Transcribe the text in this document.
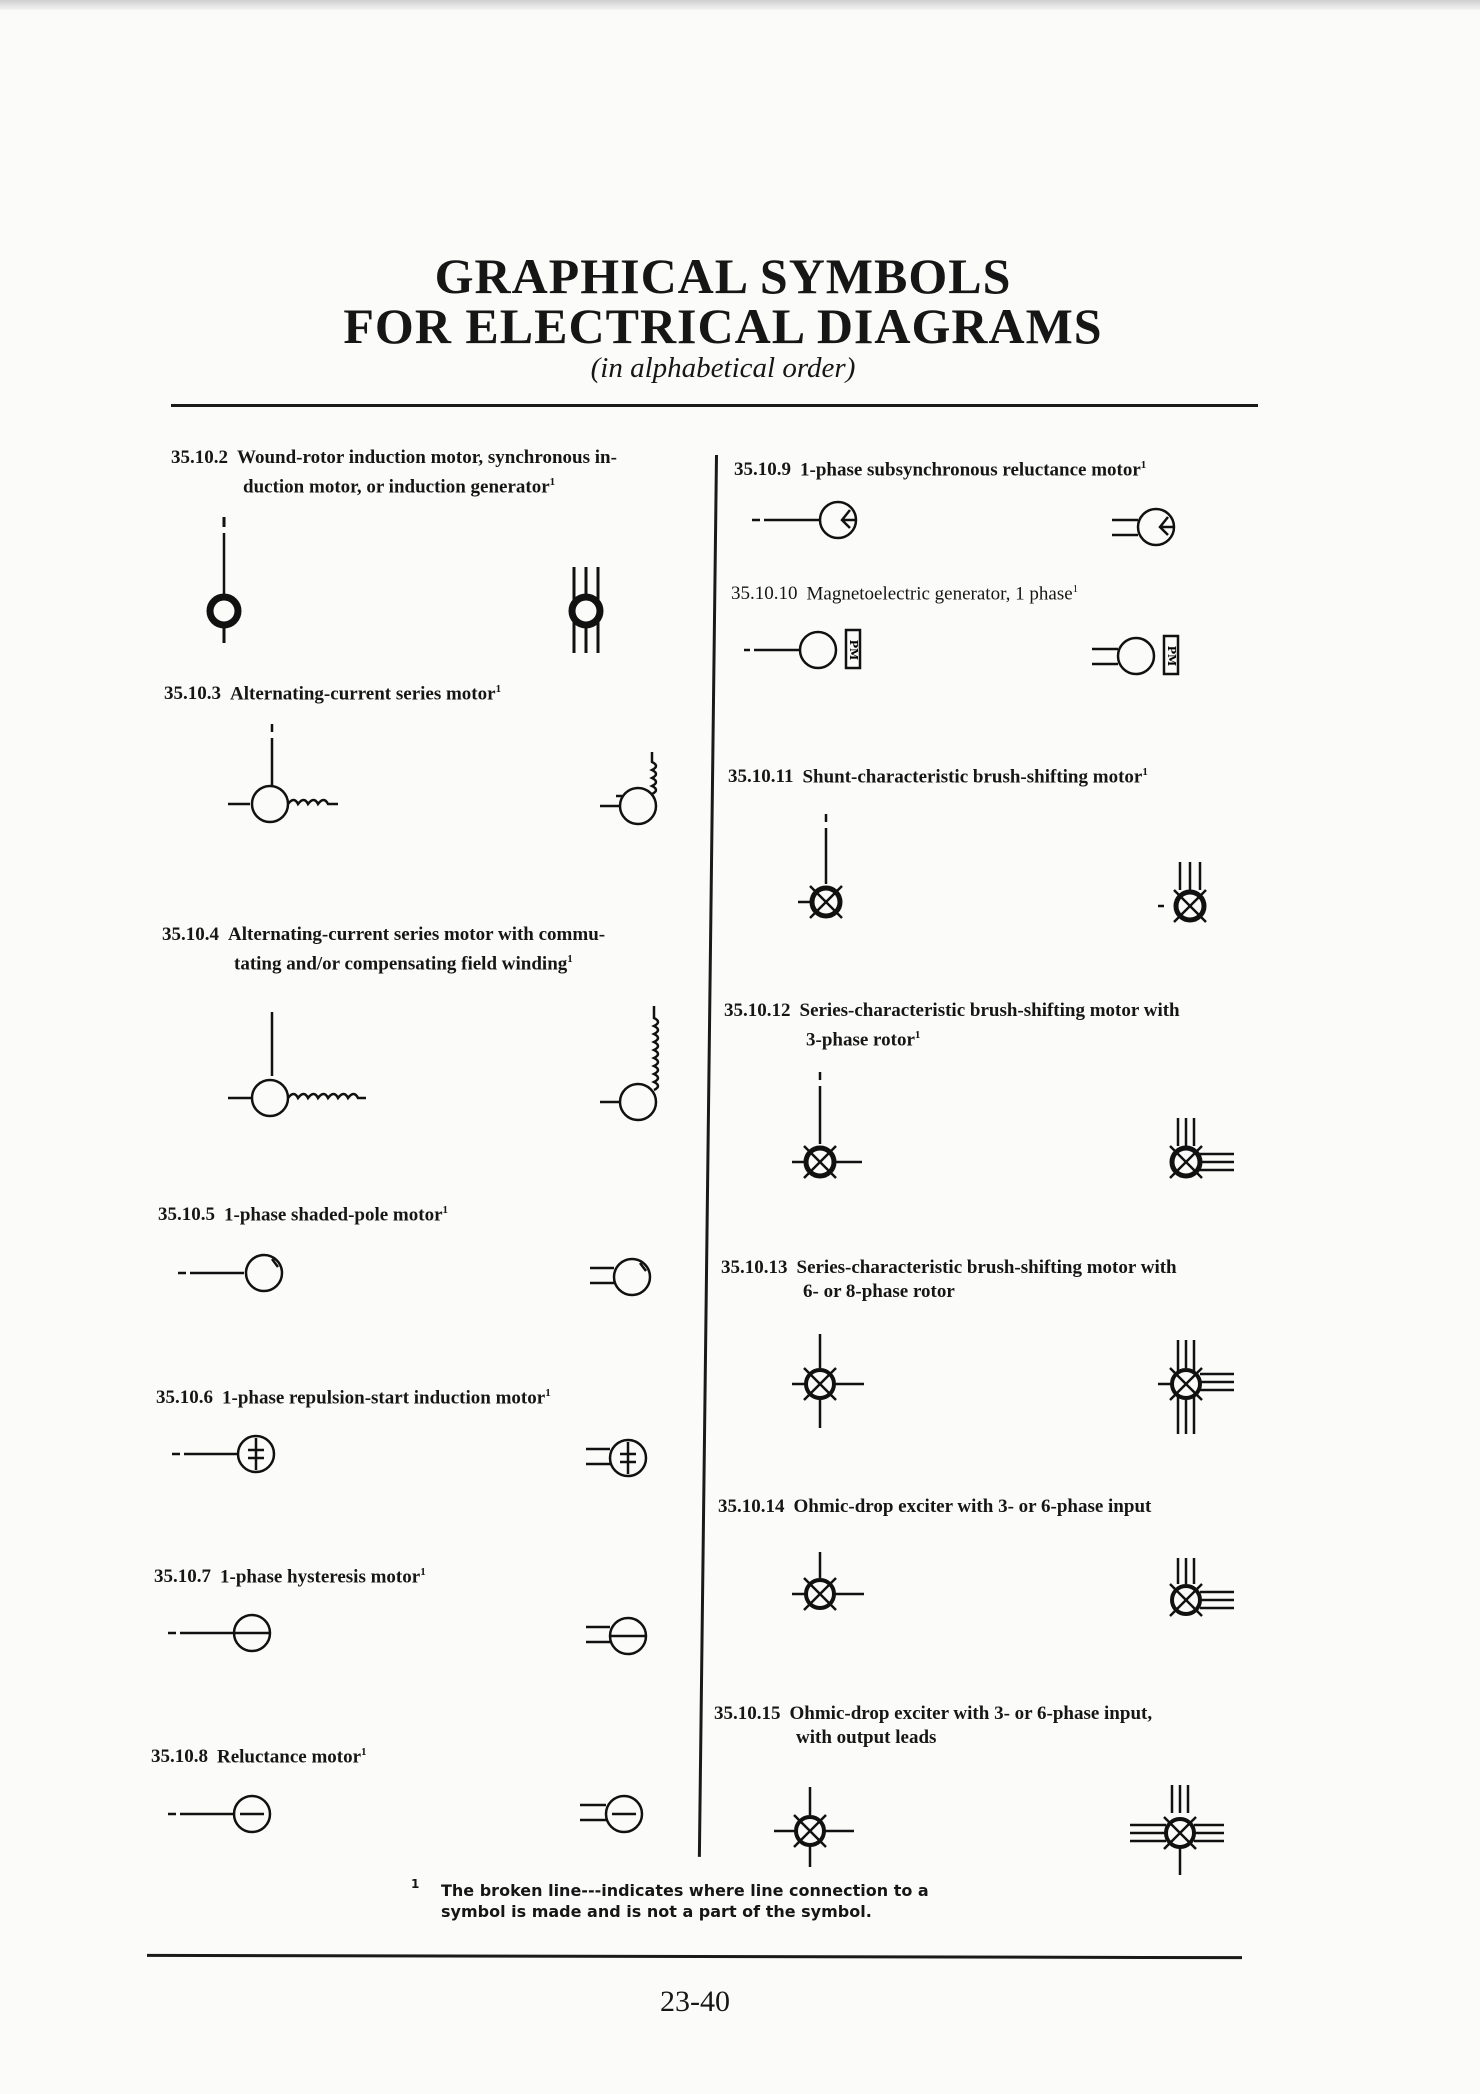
GRAPHICAL SYMBOLS
FOR ELECTRICAL DIAGRAMS
(in alphabetical order)
35.10.2 Wound-rotor induction motor, synchronous in-
duction motor, or induction generator$^1$
35.10.3 Alternating-current series motor$^1$
35.10.4 Alternating-current series motor with commu-
tating and/or compensating field winding$^1$
35.10.5 1-phase shaded-pole motor$^1$
35.10.6 1-phase repulsion-start induction motor$^1$
35.10.7 1-phase hysteresis motor$^1$
35.10.8 Reluctance motor$^1$
35.10.9 1-phase subsynchronous reluctance motor$^1$
35.10.10 Magnetoelectric generator, 1 phase$^1$
35.10.11 Shunt-characteristic brush-shifting motor$^1$
35.10.12 Series-characteristic brush-shifting motor with
3-phase rotor$^1$
35.10.13 Series-characteristic brush-shifting motor with
6- or 8-phase rotor
35.10.14 Ohmic-drop exciter with 3- or 6-phase input
35.10.15 Ohmic-drop exciter with 3- or 6-phase input,
with output leads
PM	PM
1 The broken line---indicates where line connection to a symbol is made and is not a part of the symbol.
23-40
